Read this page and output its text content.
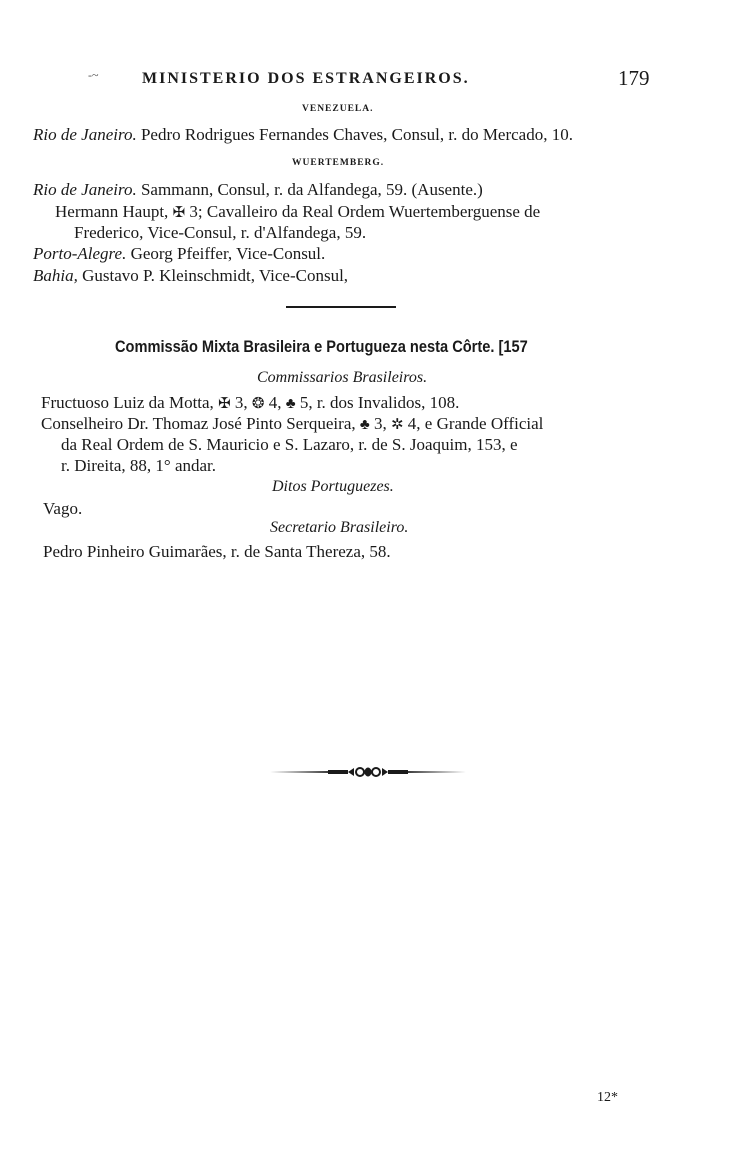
-~	MINISTERIO DOS ESTRANGEIROS.	179
VENEZUELA.
Rio de Janeiro. Pedro Rodrigues Fernandes Chaves, Consul, r. do Mercado, 10.
WUERTEMBERG.
Rio de Janeiro. Sammann, Consul, r. da Alfandega, 59. (Ausente.)
Hermann Haupt, ✠ 3; Cavalleiro da Real Ordem Wuertemberguense de
Frederico, Vice-Consul, r. d'Alfandega, 59.
Porto-Alegre. Georg Pfeiffer, Vice-Consul.
Bahia, Gustavo P. Kleinschmidt, Vice-Consul,
Commissão Mixta Brasileira e Portugueza nesta Côrte. [157
Commissarios Brasileiros.
Fructuoso Luiz da Motta, ✠ 3, ❂ 4, ♣ 5, r. dos Invalidos, 108.
Conselheiro Dr. Thomaz José Pinto Serqueira, ♣ 3, ✲ 4, e Grande Official
da Real Ordem de S. Mauricio e S. Lazaro, r. de S. Joaquim, 153, e
r. Direita, 88, 1° andar.
Ditos Portuguezes.
Vago.
Secretario Brasileiro.
Pedro Pinheiro Guimarães, r. de Santa Thereza, 58.
12*
